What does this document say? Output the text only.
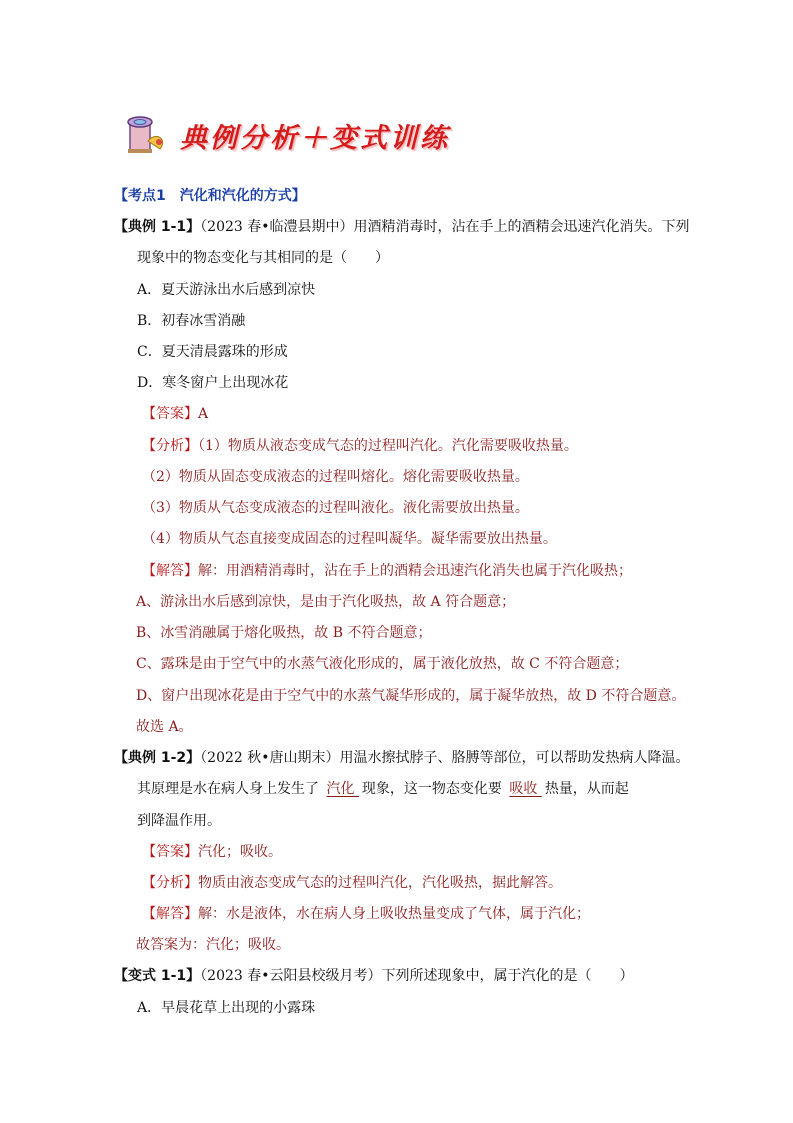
典例分析＋变式训练
【考点1　汽化和汽化的方式】
【典例 1-1】（2023 春•临澧县期中）用酒精消毒时，沾在手上的酒精会迅速汽化消失。下列
现象中的物态变化与其相同的是（　　）
A．夏天游泳出水后感到凉快
B．初春冰雪消融
C．夏天清晨露珠的形成
D．寒冬窗户上出现冰花
【答案】A
【分析】（1）物质从液态变成气态的过程叫汽化。汽化需要吸收热量。
（2）物质从固态变成液态的过程叫熔化。熔化需要吸收热量。
（3）物质从气态变成液态的过程叫液化。液化需要放出热量。
（4）物质从气态直接变成固态的过程叫凝华。凝华需要放出热量。
【解答】解：用酒精消毒时，沾在手上的酒精会迅速汽化消失也属于汽化吸热；
A、游泳出水后感到凉快，是由于汽化吸热，故 A 符合题意；
B、冰雪消融属于熔化吸热，故 B 不符合题意；
C、露珠是由于空气中的水蒸气液化形成的，属于液化放热，故 C 不符合题意；
D、窗户出现冰花是由于空气中的水蒸气凝华形成的，属于凝华放热，故 D 不符合题意。
故选 A。
【典例 1-2】（2022 秋•唐山期末）用温水擦拭脖子、胳膊等部位，可以帮助发热病人降温。
其原理是水在病人身上发生了 汽化 现象，这一物态变化要 吸收 热量，从而起
到降温作用。
【答案】汽化；吸收。
【分析】物质由液态变成气态的过程叫汽化，汽化吸热，据此解答。
【解答】解：水是液体，水在病人身上吸收热量变成了气体，属于汽化；
故答案为：汽化；吸收。
【变式 1-1】（2023 春•云阳县校级月考）下列所述现象中，属于汽化的是（　　）
A．早晨花草上出现的小露珠
